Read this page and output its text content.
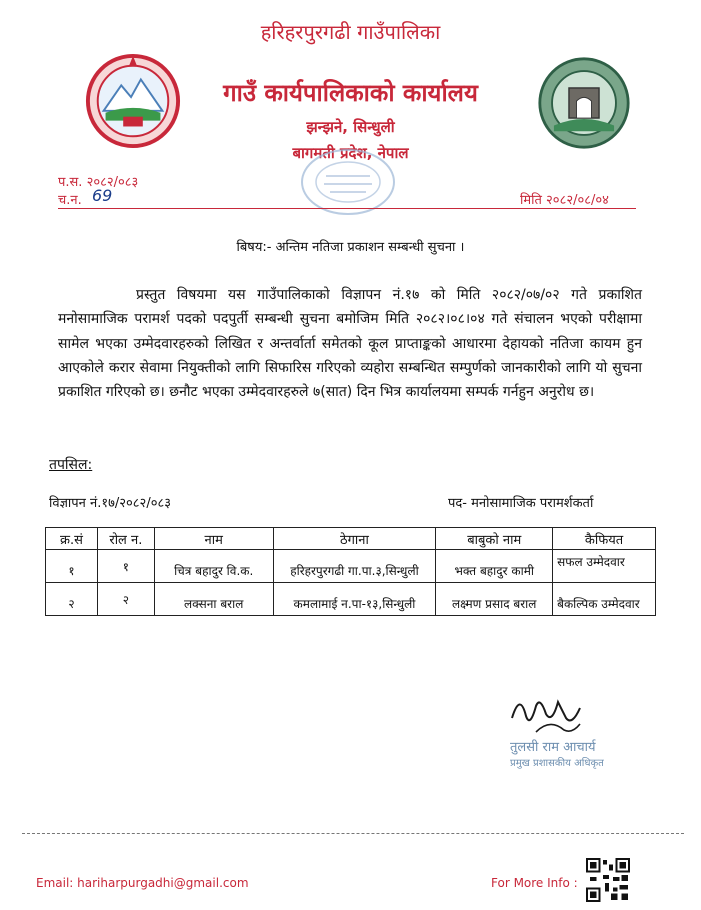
हरिहरपुरगढी गाउँपालिका
गाउँ कार्यपालिकाको कार्यालय
झन्झने, सिन्धुली
बागमती प्रदेश, नेपाल
प.स. २०८२/०८३
च.न. 69	मिति २०८२/०८/०४
बिषय:- अन्तिम नतिजा प्रकाशन सम्बन्धी सुचना ।
प्रस्तुत विषयमा यस गाउँपालिकाको विज्ञापन नं.१७ को मिति २०८२/०७/०२ गते प्रकाशित मनोसामाजिक परामर्श पदको पदपुर्ती सम्बन्धी सुचना बमोजिम मिति २०८२।०८।०४ गते संचालन भएको परीक्षामा सामेल भएका उम्मेदवारहरुको लिखित र अन्तर्वार्ता समेतको कूल प्राप्ताङ्कको आधारमा देहायको नतिजा कायम हुन आएकोले करार सेवामा नियुक्तीको लागि सिफारिस गरिएको व्यहोरा सम्बन्धित सम्पुर्णको जानकारीको लागि यो सुचना प्रकाशित गरिएको छ। छनौट भएका उम्मेदवारहरुले ७(सात) दिन भित्र कार्यालयमा सम्पर्क गर्नहुन अनुरोध छ।
तपसिल:
विज्ञापन नं.१७/२०८२/०८३	पद- मनोसामाजिक परामर्शकर्ता
क्र.सं	रोल न.	नाम	ठेगाना	बाबुको नाम	कैफियत
१	१	चित्र बहादुर वि.क.	हरिहरपुरगढी गा.पा.३,सिन्धुली	भक्त बहादुर कामी	सफल उम्मेदवार
२	२	लक्सना बराल	कमलामाई न.पा-१३,सिन्धुली	लक्ष्मण प्रसाद बराल	बैकल्पिक उम्मेदवार
तुलसी राम आचार्य
प्रमुख प्रशासकीय अधिकृत
Email: hariharpurgadhi@gmail.com	For More Info :
